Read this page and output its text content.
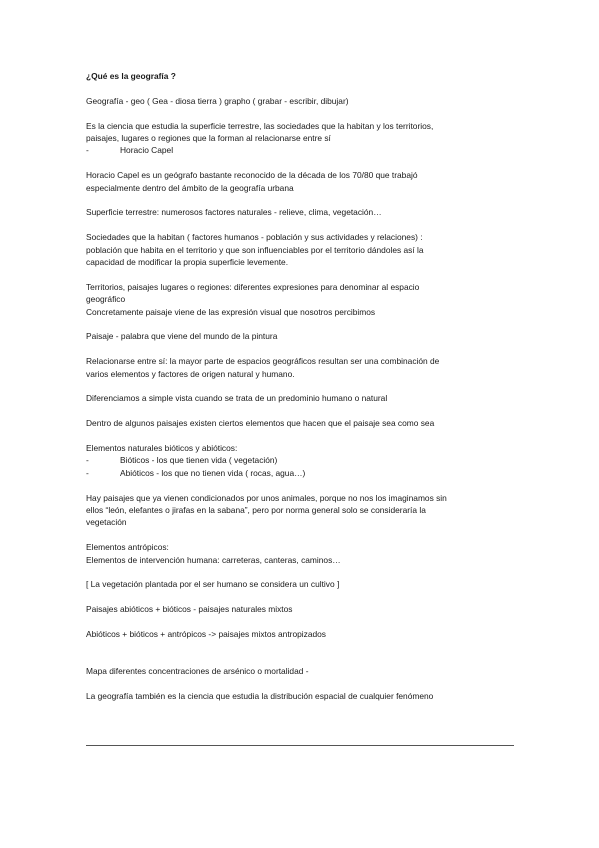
¿Qué es la geografía ?
Geografía - geo ( Gea - diosa tierra ) grapho ( grabar - escribir, dibujar)
Es la ciencia que estudia la superficie terrestre, las sociedades que la habitan y los territorios,
paisajes, lugares o regiones que la forman al relacionarse entre sí
-	Horacio Capel
Horacio Capel es un geógrafo bastante reconocido de la década de los 70/80 que trabajó
especialmente dentro del ámbito de la geografía urbana
Superficie terrestre: numerosos factores naturales - relieve, clima, vegetación…
Sociedades que la habitan ( factores humanos - población y sus actividades y relaciones) :
población que habita en el territorio y que son influenciables por el territorio dándoles así la
capacidad de modificar la propia superficie levemente.
Territorios, paisajes lugares o regiones: diferentes expresiones para denominar al espacio
geográfico
Concretamente paisaje viene de las expresión visual que nosotros percibimos
Paisaje - palabra que viene del mundo de la pintura
Relacionarse entre sí: la mayor parte de espacios geográficos resultan ser una combinación de
varios elementos y factores de origen natural y humano.
Diferenciamos a simple vista cuando se trata de un predominio humano o natural
Dentro de algunos paisajes existen ciertos elementos que hacen que el paisaje sea como sea
Elementos naturales bióticos y abióticos:
-	Bióticos - los que tienen vida ( vegetación)
-	Abióticos - los que no tienen vida ( rocas, agua…)
Hay paisajes que ya vienen condicionados por unos animales, porque no nos los imaginamos sin
ellos “león, elefantes o jirafas en la sabana”, pero por norma general solo se consideraría la
vegetación
Elementos antrópicos:
Elementos de intervención humana: carreteras, canteras, caminos…
[ La vegetación plantada por el ser humano se considera un cultivo ]
Paisajes abióticos + bióticos - paisajes naturales mixtos
Abióticos + bióticos + antrópicos -> paisajes mixtos antropizados
Mapa diferentes concentraciones de arsénico o mortalidad -
La geografía también es la ciencia que estudia la distribución espacial de cualquier fenómeno
